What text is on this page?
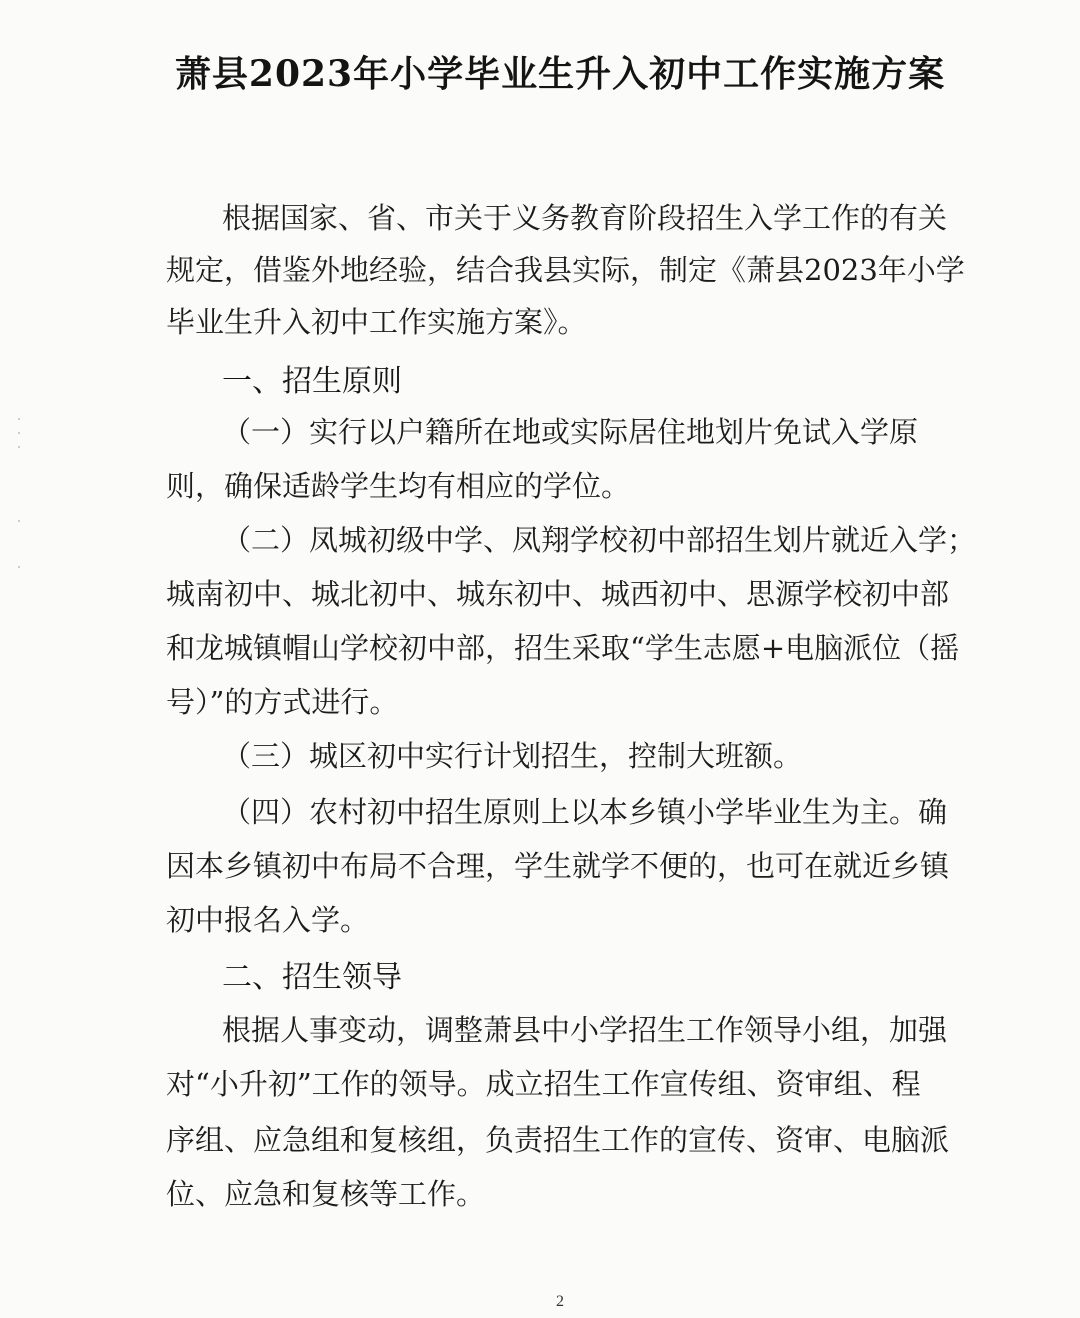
萧县2023年小学毕业生升入初中工作实施方案
根据国家、省、市关于义务教育阶段招生入学工作的有关
规定，借鉴外地经验，结合我县实际，制定《萧县2023年小学
毕业生升入初中工作实施方案》。
一、招生原则
（一）实行以户籍所在地或实际居住地划片免试入学原
则，确保适龄学生均有相应的学位。
（二）凤城初级中学、凤翔学校初中部招生划片就近入学；
城南初中、城北初中、城东初中、城西初中、思源学校初中部
和龙城镇帽山学校初中部，招生采取“学生志愿+电脑派位（摇
号）”的方式进行。
（三）城区初中实行计划招生，控制大班额。
（四）农村初中招生原则上以本乡镇小学毕业生为主。确
因本乡镇初中布局不合理，学生就学不便的，也可在就近乡镇
初中报名入学。
二、招生领导
根据人事变动，调整萧县中小学招生工作领导小组，加强
对“小升初”工作的领导。成立招生工作宣传组、资审组、程
序组、应急组和复核组，负责招生工作的宣传、资审、电脑派
位、应急和复核等工作。
2
